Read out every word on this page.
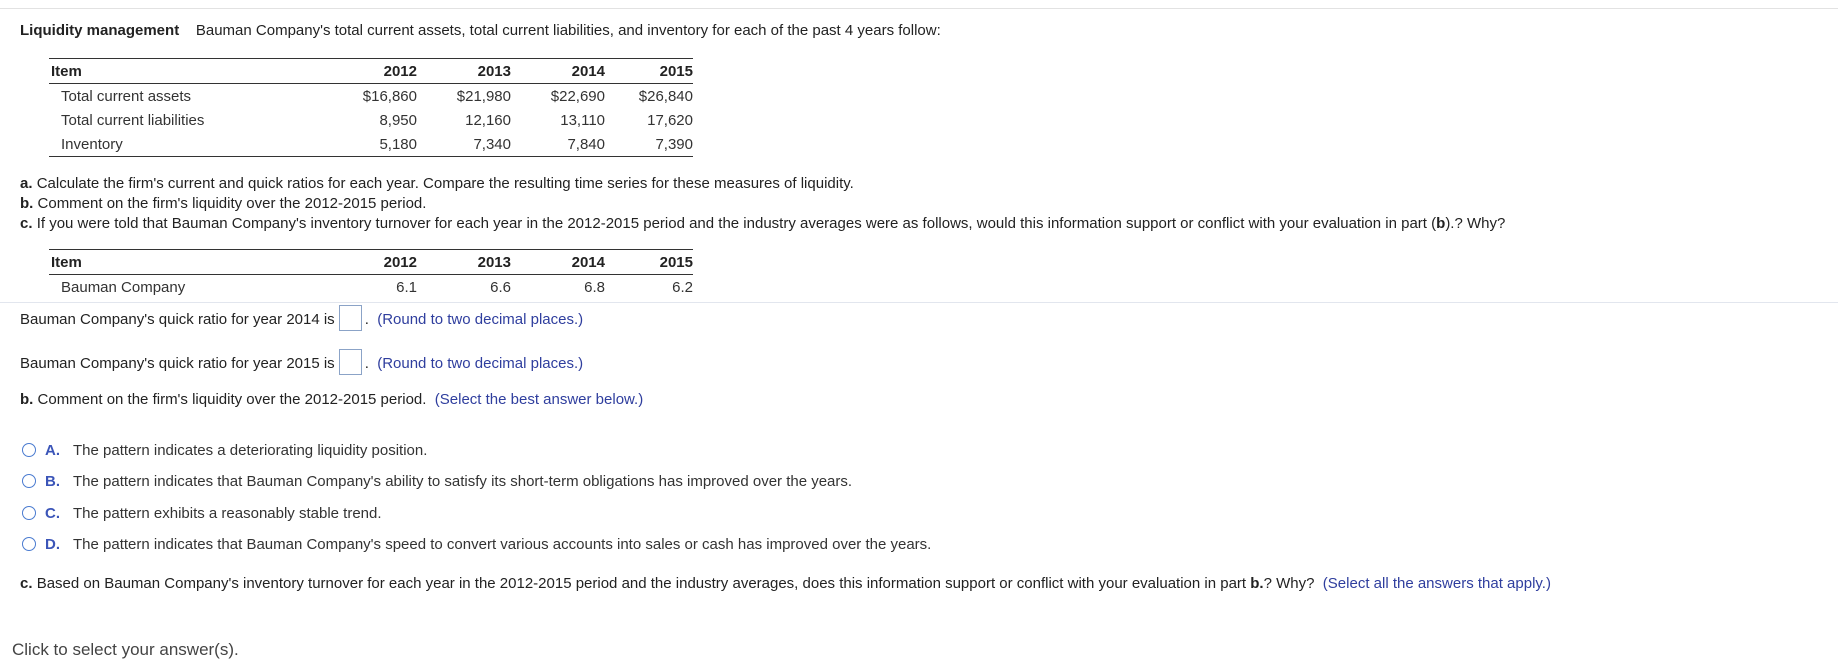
Liquidity management Bauman Company's total current assets, total current liabilities, and inventory for each of the past 4 years follow:
Item	2012	2013	2014	2015
Total current assets	$16,860	$21,980	$22,690	$26,840
Total current liabilities	8,950	12,160	13,110	17,620
Inventory	5,180	7,340	7,840	7,390
a. Calculate the firm's current and quick ratios for each year. Compare the resulting time series for these measures of liquidity.
b. Comment on the firm's liquidity over the 2012-2015 period.
c. If you were told that Bauman Company's inventory turnover for each year in the 2012-2015 period and the industry averages were as follows, would this information support or conflict with your evaluation in part (b).? Why?
Item	2012	2013	2014	2015
Bauman Company	6.1	6.6	6.8	6.2
Bauman Company's quick ratio for year 2014 is . (Round to two decimal places.)
Bauman Company's quick ratio for year 2015 is . (Round to two decimal places.)
b. Comment on the firm's liquidity over the 2012-2015 period. (Select the best answer below.)
A. The pattern indicates a deteriorating liquidity position.
B. The pattern indicates that Bauman Company's ability to satisfy its short-term obligations has improved over the years.
C. The pattern exhibits a reasonably stable trend.
D. The pattern indicates that Bauman Company's speed to convert various accounts into sales or cash has improved over the years.
c. Based on Bauman Company's inventory turnover for each year in the 2012-2015 period and the industry averages, does this information support or conflict with your evaluation in part b.? Why? (Select all the answers that apply.)
Click to select your answer(s).
